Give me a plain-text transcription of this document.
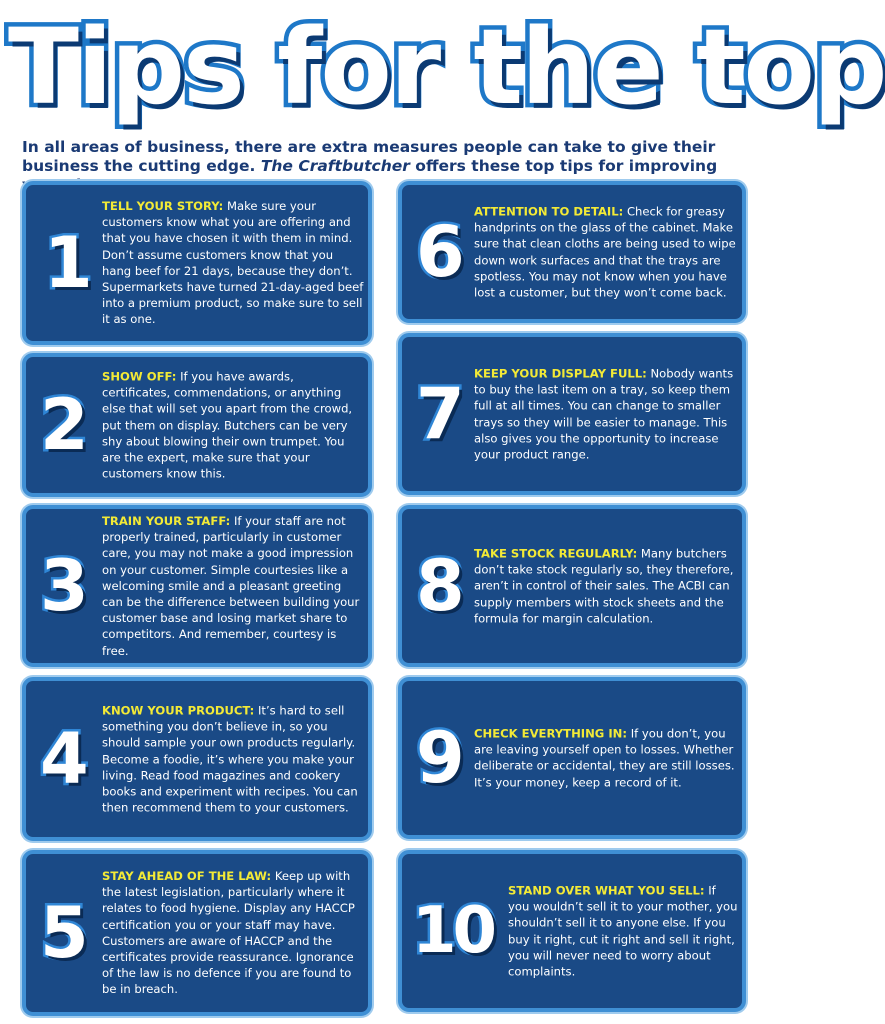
Tips for the top

In all areas of business, there are extra measures people can take to give their business the cutting edge. The Craftbutcher offers these top tips for improving

1

TELL YOUR STORY: Make sure your customers know what you are offering and that you have chosen it with them in mind. Don’t assume customers know that you hang beef for 21 days, because they don’t. Supermarkets have turned 21-day-aged beef into a premium product, so make sure to sell it as one.

2

SHOW OFF: If you have awards, certificates, commendations, or anything else that will set you apart from the crowd, put them on display. Butchers can be very shy about blowing their own trumpet. You are the expert, make sure that your customers know this.

3

TRAIN YOUR STAFF: If your staff are not properly trained, particularly in customer care, you may not make a good impression on your customer. Simple courtesies like a welcoming smile and a pleasant greeting can be the difference between building your customer base and losing market share to competitors. And remember, courtesy is free.

4

KNOW YOUR PRODUCT: It’s hard to sell something you don’t believe in, so you should sample your own products regularly. Become a foodie, it’s where you make your living. Read food magazines and cookery books and experiment with recipes. You can then recommend them to your customers.

5

STAY AHEAD OF THE LAW: Keep up with the latest legislation, particularly where it relates to food hygiene. Display any HACCP certification you or your staff may have. Customers are aware of HACCP and the certificates provide reassurance. Ignorance of the law is no defence if you are found to be in breach.

6 ATTENTION TO DETAIL: Check for greasy handprints on the glass of the cabinet. Make sure that clean cloths are being used to wipe down work surfaces and that the trays are spotless. You may not know when you have lost a customer, but they won’t come back.

7 KEEP YOUR DISPLAY FULL: Nobody wants to buy the last item on a tray, so keep them full at all times. You can change to smaller trays so they will be easier to manage. This also gives you the opportunity to increase your product range.

8 TAKE STOCK REGULARLY: Many butchers don’t take stock regularly so, they therefore, aren’t in control of their sales. The ACBI can supply members with stock sheets and the formula for margin calculation.

9 CHECK EVERYTHING IN: If you don’t, you are leaving yourself open to losses. Whether deliberate or accidental, they are still losses. It’s your money, keep a record of it.

10

STAND OVER WHAT YOU SELL: If you wouldn’t sell it to your mother, you shouldn’t sell it to anyone else. If you buy it right, cut it right and sell it right, you will never need to worry about complaints.
